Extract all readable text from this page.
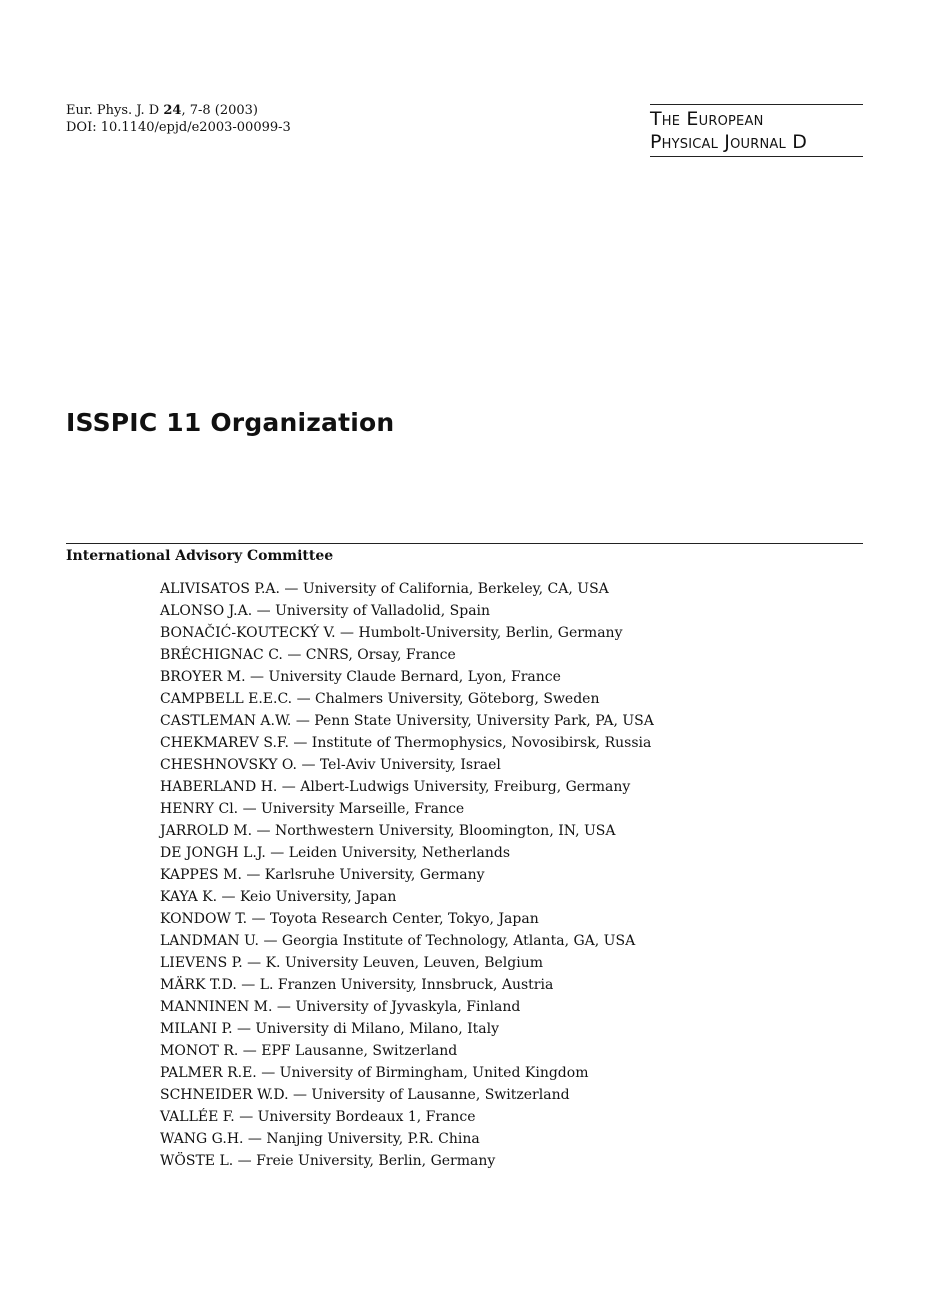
Eur. Phys. J. D 24, 7-8 (2003)
DOI: 10.1140/epjd/e2003-00099-3	The European
Physical Journal D
ISSPIC 11 Organization
International Advisory Committee
ALIVISATOS P.A. — University of California, Berkeley, CA, USA
ALONSO J.A. — University of Valladolid, Spain
BONAČIĆ-KOUTECKÝ V. — Humbolt-University, Berlin, Germany
BRÉCHIGNAC C. — CNRS, Orsay, France
BROYER M. — University Claude Bernard, Lyon, France
CAMPBELL E.E.C. — Chalmers University, Göteborg, Sweden
CASTLEMAN A.W. — Penn State University, University Park, PA, USA
CHEKMAREV S.F. — Institute of Thermophysics, Novosibirsk, Russia
CHESHNOVSKY O. — Tel-Aviv University, Israel
HABERLAND H. — Albert-Ludwigs University, Freiburg, Germany
HENRY Cl. — University Marseille, France
JARROLD M. — Northwestern University, Bloomington, IN, USA
DE JONGH L.J. — Leiden University, Netherlands
KAPPES M. — Karlsruhe University, Germany
KAYA K. — Keio University, Japan
KONDOW T. — Toyota Research Center, Tokyo, Japan
LANDMAN U. — Georgia Institute of Technology, Atlanta, GA, USA
LIEVENS P. — K. University Leuven, Leuven, Belgium
MÄRK T.D. — L. Franzen University, Innsbruck, Austria
MANNINEN M. — University of Jyvaskyla, Finland
MILANI P. — University di Milano, Milano, Italy
MONOT R. — EPF Lausanne, Switzerland
PALMER R.E. — University of Birmingham, United Kingdom
SCHNEIDER W.D. — University of Lausanne, Switzerland
VALLÉE F. — University Bordeaux 1, France
WANG G.H. — Nanjing University, P.R. China
WÖSTE L. — Freie University, Berlin, Germany
